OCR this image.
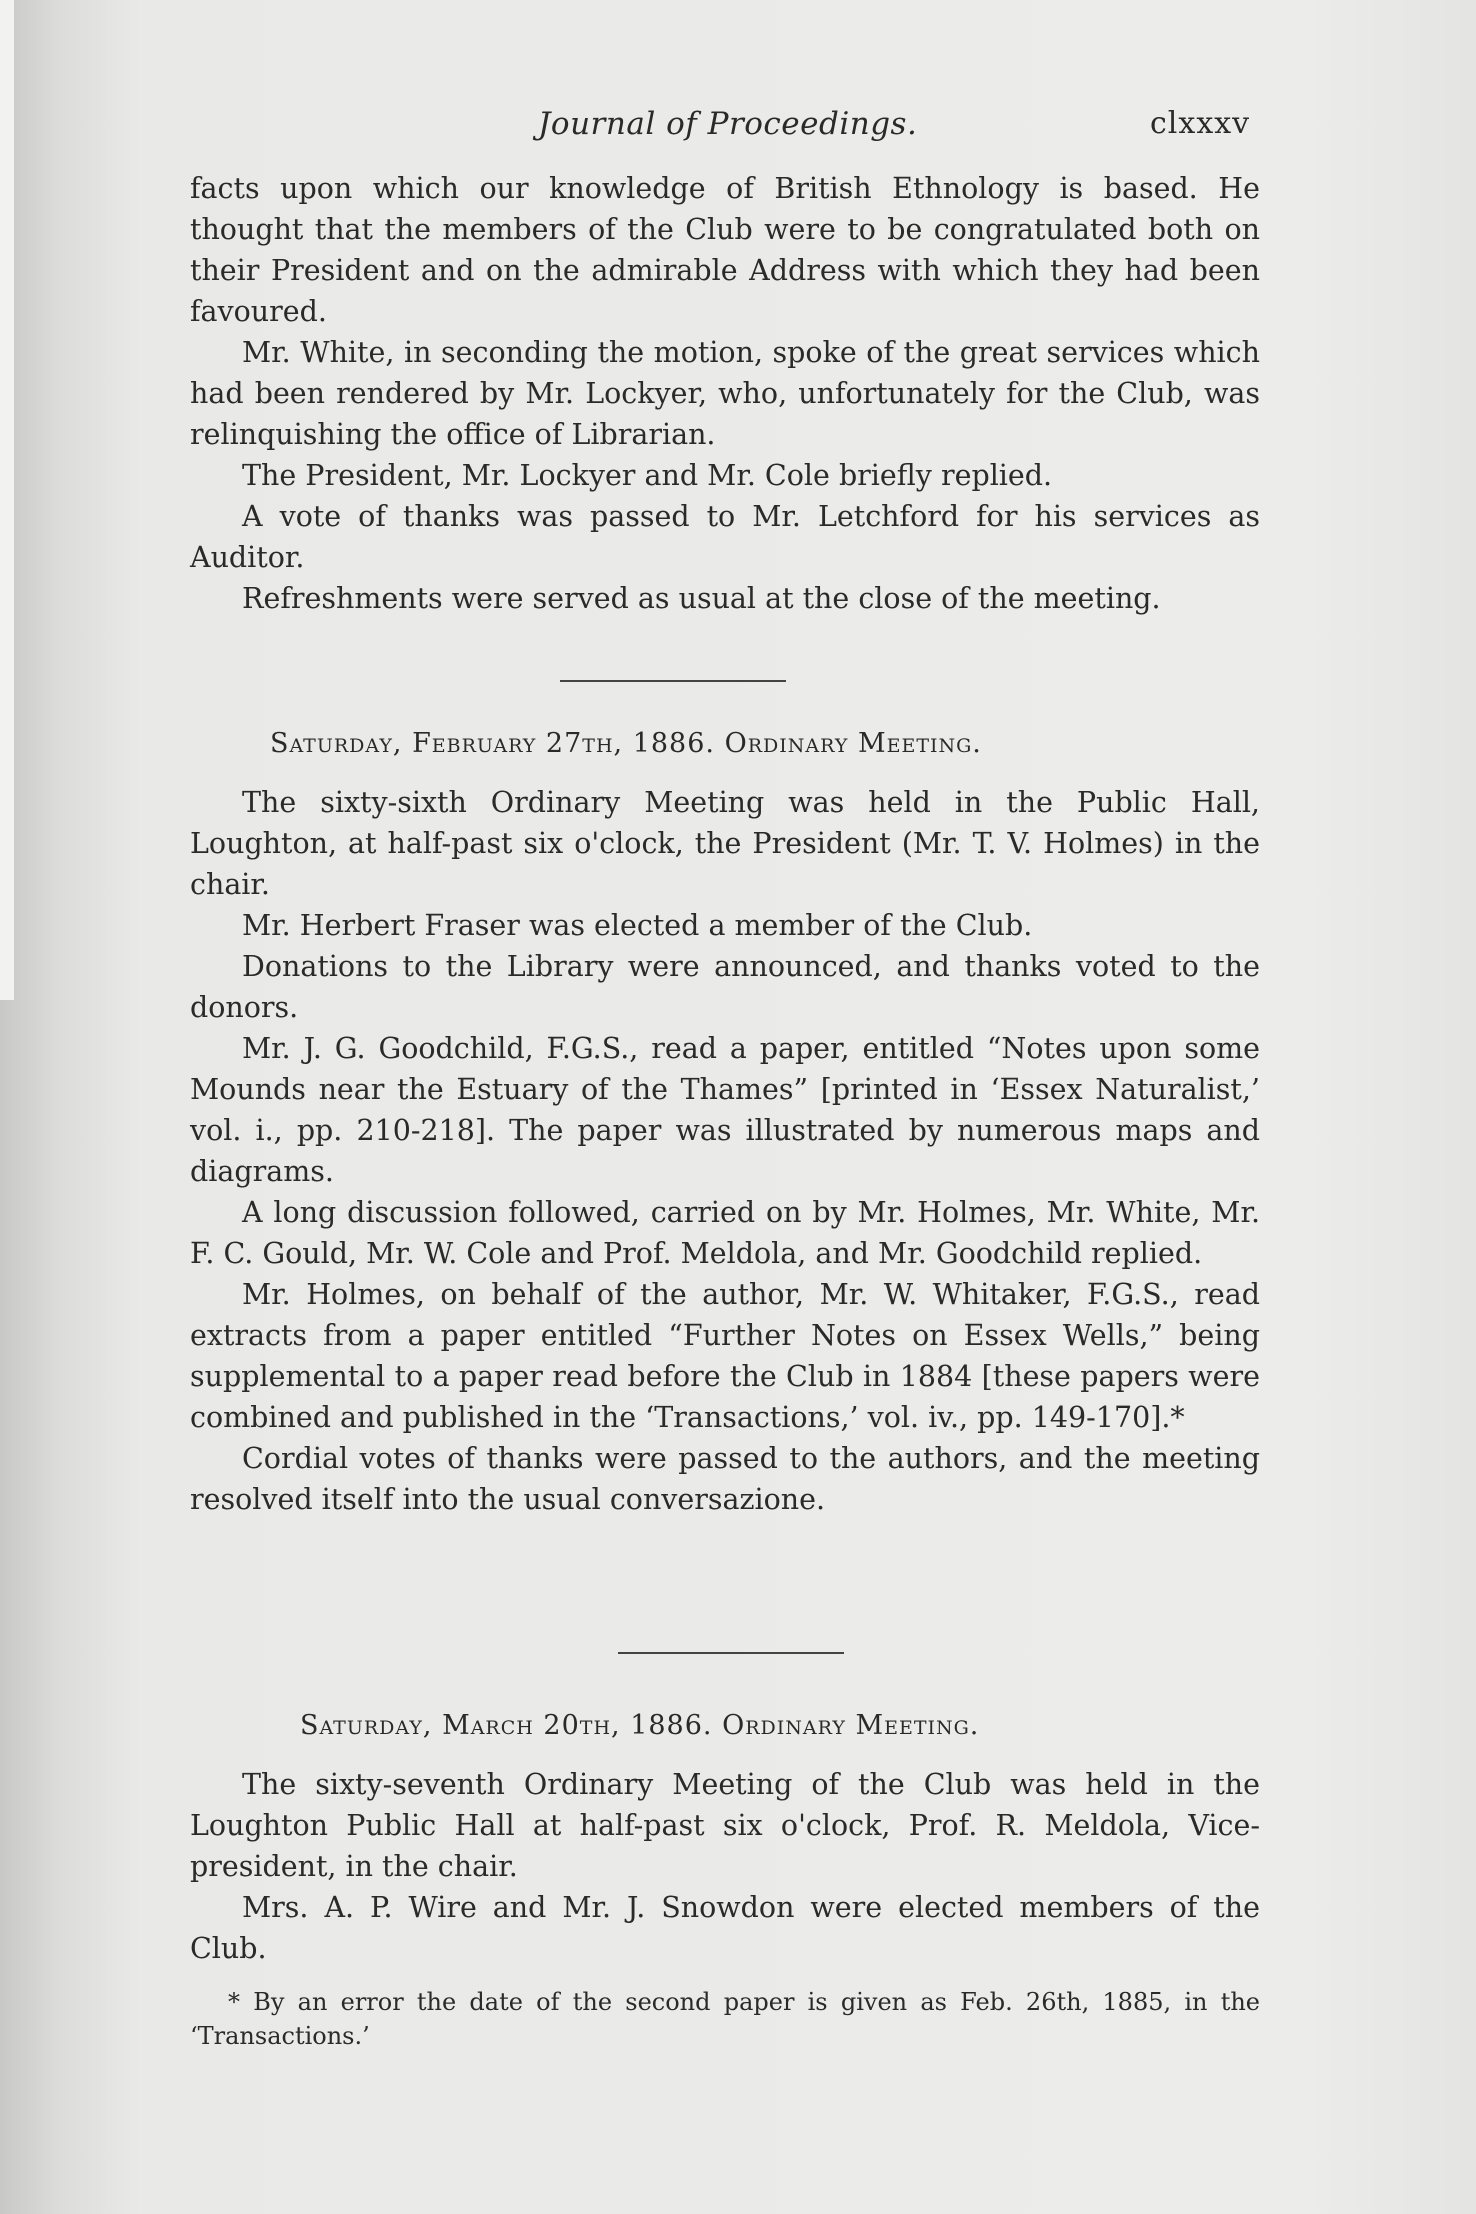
Journal of Proceedings.	clxxxv

facts upon which our knowledge of British Ethnology is based. He thought that the members of the Club were to be congratulated both on their President and on the admirable Address with which they had been favoured.

Mr. White, in seconding the motion, spoke of the great services which had been rendered by Mr. Lockyer, who, unfortunately for the Club, was relinquishing the office of Librarian.

The President, Mr. Lockyer and Mr. Cole briefly replied.

A vote of thanks was passed to Mr. Letchford for his services as Auditor.

Refreshments were served as usual at the close of the meeting.

Saturday, February 27th, 1886. Ordinary Meeting.

The sixty-sixth Ordinary Meeting was held in the Public Hall, Loughton, at half-past six o'clock, the President (Mr. T. V. Holmes) in the chair.

Mr. Herbert Fraser was elected a member of the Club.

Donations to the Library were announced, and thanks voted to the donors.

Mr. J. G. Goodchild, F.G.S., read a paper, entitled “Notes upon some Mounds near the Estuary of the Thames” [printed in ‘Essex Naturalist,’ vol. i., pp. 210-218]. The paper was illustrated by numerous maps and diagrams.

A long discussion followed, carried on by Mr. Holmes, Mr. White, Mr. F. C. Gould, Mr. W. Cole and Prof. Meldola, and Mr. Goodchild replied.

Mr. Holmes, on behalf of the author, Mr. W. Whitaker, F.G.S., read extracts from a paper entitled “Further Notes on Essex Wells,” being supplemental to a paper read before the Club in 1884 [these papers were combined and published in the ‘Transactions,’ vol. iv., pp. 149-170].*

Cordial votes of thanks were passed to the authors, and the meeting resolved itself into the usual conversazione.

Saturday, March 20th, 1886. Ordinary Meeting.

The sixty-seventh Ordinary Meeting of the Club was held in the Loughton Public Hall at half-past six o'clock, Prof. R. Meldola, Vice-president, in the chair.

Mrs. A. P. Wire and Mr. J. Snowdon were elected members of the Club.

* By an error the date of the second paper is given as Feb. 26th, 1885, in the ‘Transactions.’
